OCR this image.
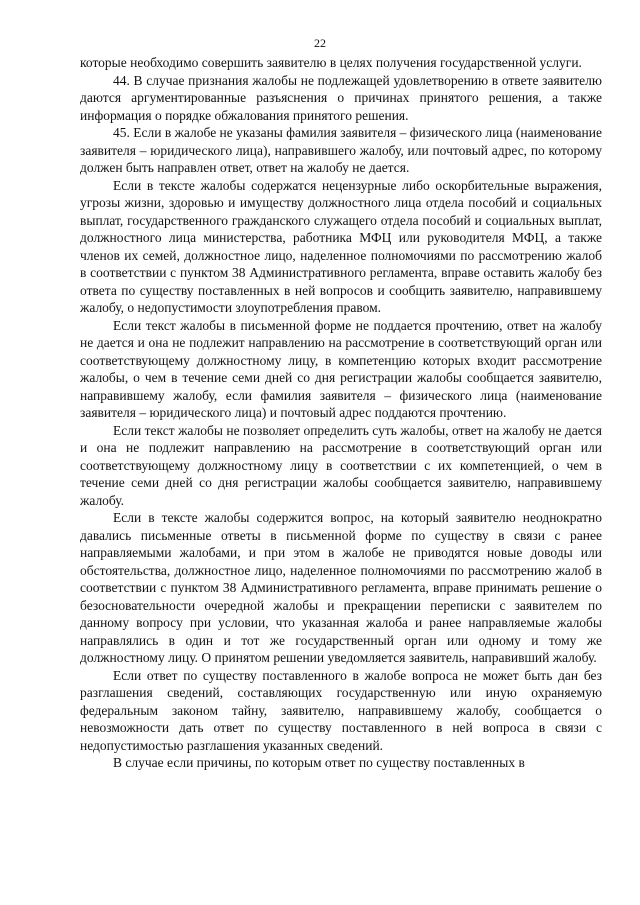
22

которые необходимо совершить заявителю в целях получения государственной услуги.

44. В случае признания жалобы не подлежащей удовлетворению в ответе заявителю даются аргументированные разъяснения о причинах принятого решения, а также информация о порядке обжалования принятого решения.

45. Если в жалобе не указаны фамилия заявителя – физического лица (наименование заявителя – юридического лица), направившего жалобу, или почтовый адрес, по которому должен быть направлен ответ, ответ на жалобу не дается.

Если в тексте жалобы содержатся нецензурные либо оскорбительные выражения, угрозы жизни, здоровью и имуществу должностного лица отдела пособий и социальных выплат, государственного гражданского служащего отдела пособий и социальных выплат, должностного лица министерства, работника МФЦ или руководителя МФЦ, а также членов их семей, должностное лицо, наделенное полномочиями по рассмотрению жалоб в соответствии с пунктом 38 Административного регламента, вправе оставить жалобу без ответа по существу поставленных в ней вопросов и сообщить заявителю, направившему жалобу, о недопустимости злоупотребления правом.

Если текст жалобы в письменной форме не поддается прочтению, ответ на жалобу не дается и она не подлежит направлению на рассмотрение в соответствующий орган или соответствующему должностному лицу, в компетенцию которых входит рассмотрение жалобы, о чем в течение семи дней со дня регистрации жалобы сообщается заявителю, направившему жалобу, если фамилия заявителя – физического лица (наименование заявителя – юридического лица) и почтовый адрес поддаются прочтению.

Если текст жалобы не позволяет определить суть жалобы, ответ на жалобу не дается и она не подлежит направлению на рассмотрение в соответствующий орган или соответствующему должностному лицу в соответствии с их компетенцией, о чем в течение семи дней со дня регистрации жалобы сообщается заявителю, направившему жалобу.

Если в тексте жалобы содержится вопрос, на который заявителю неоднократно давались письменные ответы в письменной форме по существу в связи с ранее направляемыми жалобами, и при этом в жалобе не приводятся новые доводы или обстоятельства, должностное лицо, наделенное полномочиями по рассмотрению жалоб в соответствии с пунктом 38 Административного регламента, вправе принимать решение о безосновательности очередной жалобы и прекращении переписки с заявителем по данному вопросу при условии, что указанная жалоба и ранее направляемые жалобы направлялись в один и тот же государственный орган или одному и тому же должностному лицу. О принятом решении уведомляется заявитель, направивший жалобу.

Если ответ по существу поставленного в жалобе вопроса не может быть дан без разглашения сведений, составляющих государственную или иную охраняемую федеральным законом тайну, заявителю, направившему жалобу, сообщается о невозможности дать ответ по существу поставленного в ней вопроса в связи с недопустимостью разглашения указанных сведений.

В случае если причины, по которым ответ по существу поставленных в
